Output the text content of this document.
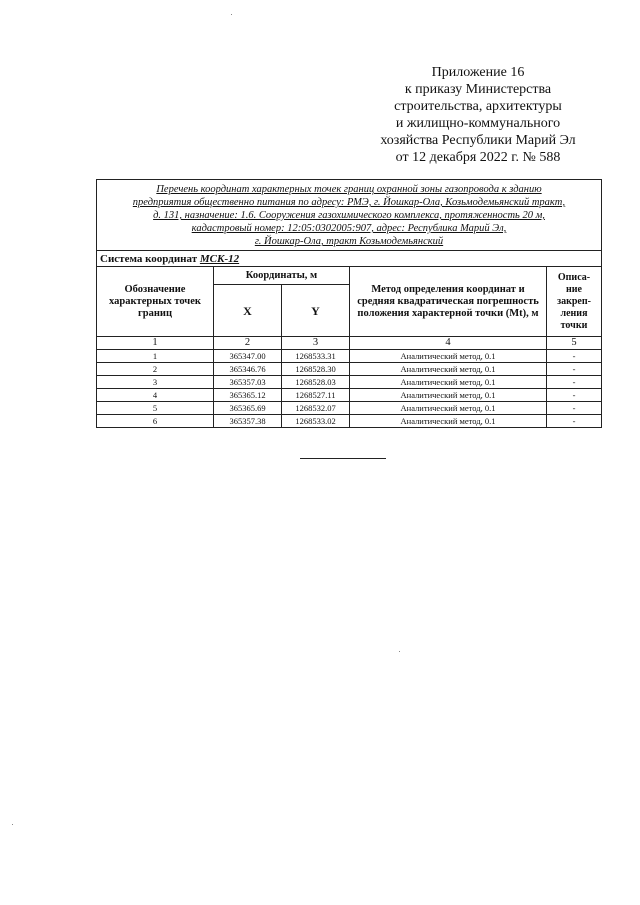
Приложение 16
к приказу Министерства
строительства, архитектуры
и жилищно-коммунального
хозяйства Республики Марий Эл
от 12 декабря 2022 г. № 588
Перечень координат характерных точек границ охранной зоны газопровода к зданию
предприятия общественно питания по адресу: РМЭ, г. Йошкар-Ола, Козьмодемьянский тракт,
д. 131, назначение: 1.6. Сооружения газохимического комплекса, протяженность 20 м,
кадастровый номер: 12:05:0302005:907, адрес: Республика Марий Эл,
г. Йошкар-Ола, тракт Козьмодемьянский				

Система координат МСК-12				
Обозначение характерных точек границ	Координаты, м		Метод определения координат и средняя квадратическая погрешность положения характерной точки (Mt), м	Описа-ние закреп-ления точки
	X	Y		
1	2	3	4	5
1	365347.00	1268533.31	Аналитический метод, 0.1	-
2	365346.76	1268528.30	Аналитический метод, 0.1	-
3	365357.03	1268528.03	Аналитический метод, 0.1	-
4	365365.12	1268527.11	Аналитический метод, 0.1	-
5	365365.69	1268532.07	Аналитический метод, 0.1	-
6	365357.38	1268533.02	Аналитический метод, 0.1	-
